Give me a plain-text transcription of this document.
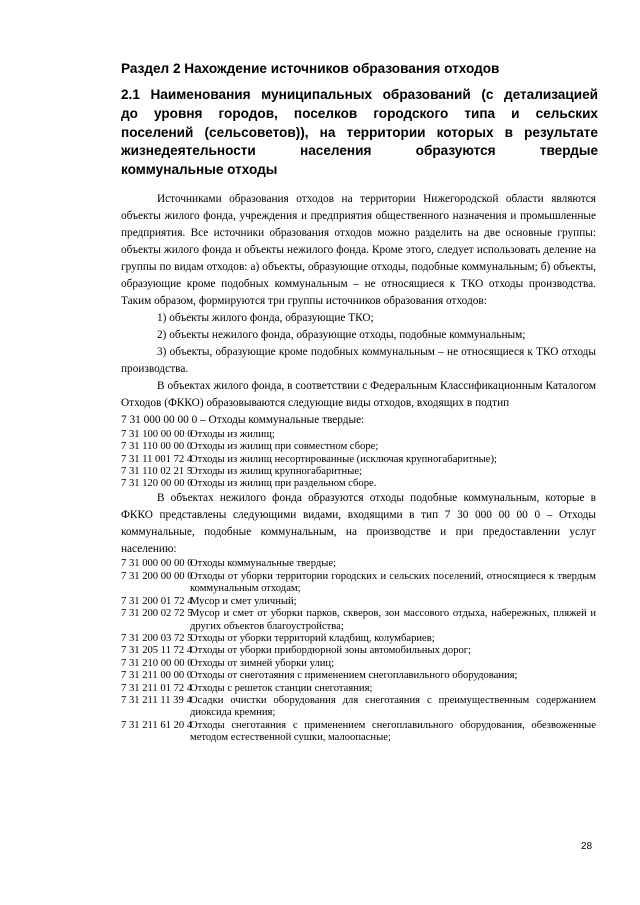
Раздел 2 Нахождение источников образования отходов
2.1 Наименования муниципальных образований (с детализацией
до уровня городов, поселков городского типа и сельских
поселений (сельсоветов)), на территории которых в результате
жизнедеятельности населения образуются твердые
коммунальные отходы

Источниками образования отходов на территории Нижегородской области являются объекты жилого фонда, учреждения и предприятия общественного назначения и промышленные предприятия. Все источники образования отходов можно разделить на две основные группы: объекты жилого фонда и объекты нежилого фонда. Кроме этого, следует использовать деление на группы по видам отходов: а) объекты, образующие отходы, подобные коммунальным; б) объекты, образующие кроме подобных коммунальным – не относящиеся к ТКО отходы производства. Таким образом, формируются три группы источников образования отходов:

1) объекты жилого фонда, образующие ТКО;

2) объекты нежилого фонда, образующие отходы, подобные коммунальным;

3) объекты, образующие кроме подобных коммунальным – не относящиеся к ТКО отходы производства.

В объектах жилого фонда, в соответствии с Федеральным Классификационным Каталогом Отходов (ФККО) образовываются следующие виды отходов, входящих в подтип

7 31 000 00 00 0 – Отходы коммунальные твердые:

7 31 100 00 00 0
Отходы из жилищ;
7 31 110 00 00 0
Отходы из жилищ при совместном сборе;
7 31 11 001 72 4
Отходы из жилищ несортированные (исключая крупногабаритные);
7 31 110 02 21 5
Отходы из жилищ крупногабаритные;
7 31 120 00 00 0
Отходы из жилищ при раздельном сборе.

В объектах нежилого фонда образуются отходы подобные коммунальным, которые в ФККО представлены следующими видами, входящими в тип 7 30 000 00 00 0 – Отходы коммунальные, подобные коммунальным, на производстве и при предоставлении услуг населению:

7 31 000 00 00 0
Отходы коммунальные твердые;
7 31 200 00 00 0
Отходы от уборки территории городских и сельских поселений, относящиеся к твердым коммунальным отходам;
7 31 200 01 72 4
Мусор и смет уличный;
7 31 200 02 72 5
Мусор и смет от уборки парков, скверов, зон массового отдыха, набережных, пляжей и других объектов благоустройства;
7 31 200 03 72 5
Отходы от уборки территорий кладбищ, колумбариев;
7 31 205 11 72 4
Отходы от уборки прибордюрной зоны автомобильных дорог;
7 31 210 00 00 0
Отходы от зимней уборки улиц;
7 31 211 00 00 0
Отходы от снеготаяния с применением снегоплавильного оборудования;
7 31 211 01 72 4
Отходы с решеток станции снеготаяния;
7 31 211 11 39 4
Осадки очистки оборудования для снеготаяния с преимущественным содержанием диоксида кремния;
7 31 211 61 20 4
Отходы снеготаяния с применением снегоплавильного оборудования, обезвоженные методом естественной сушки, малоопасные;
28
